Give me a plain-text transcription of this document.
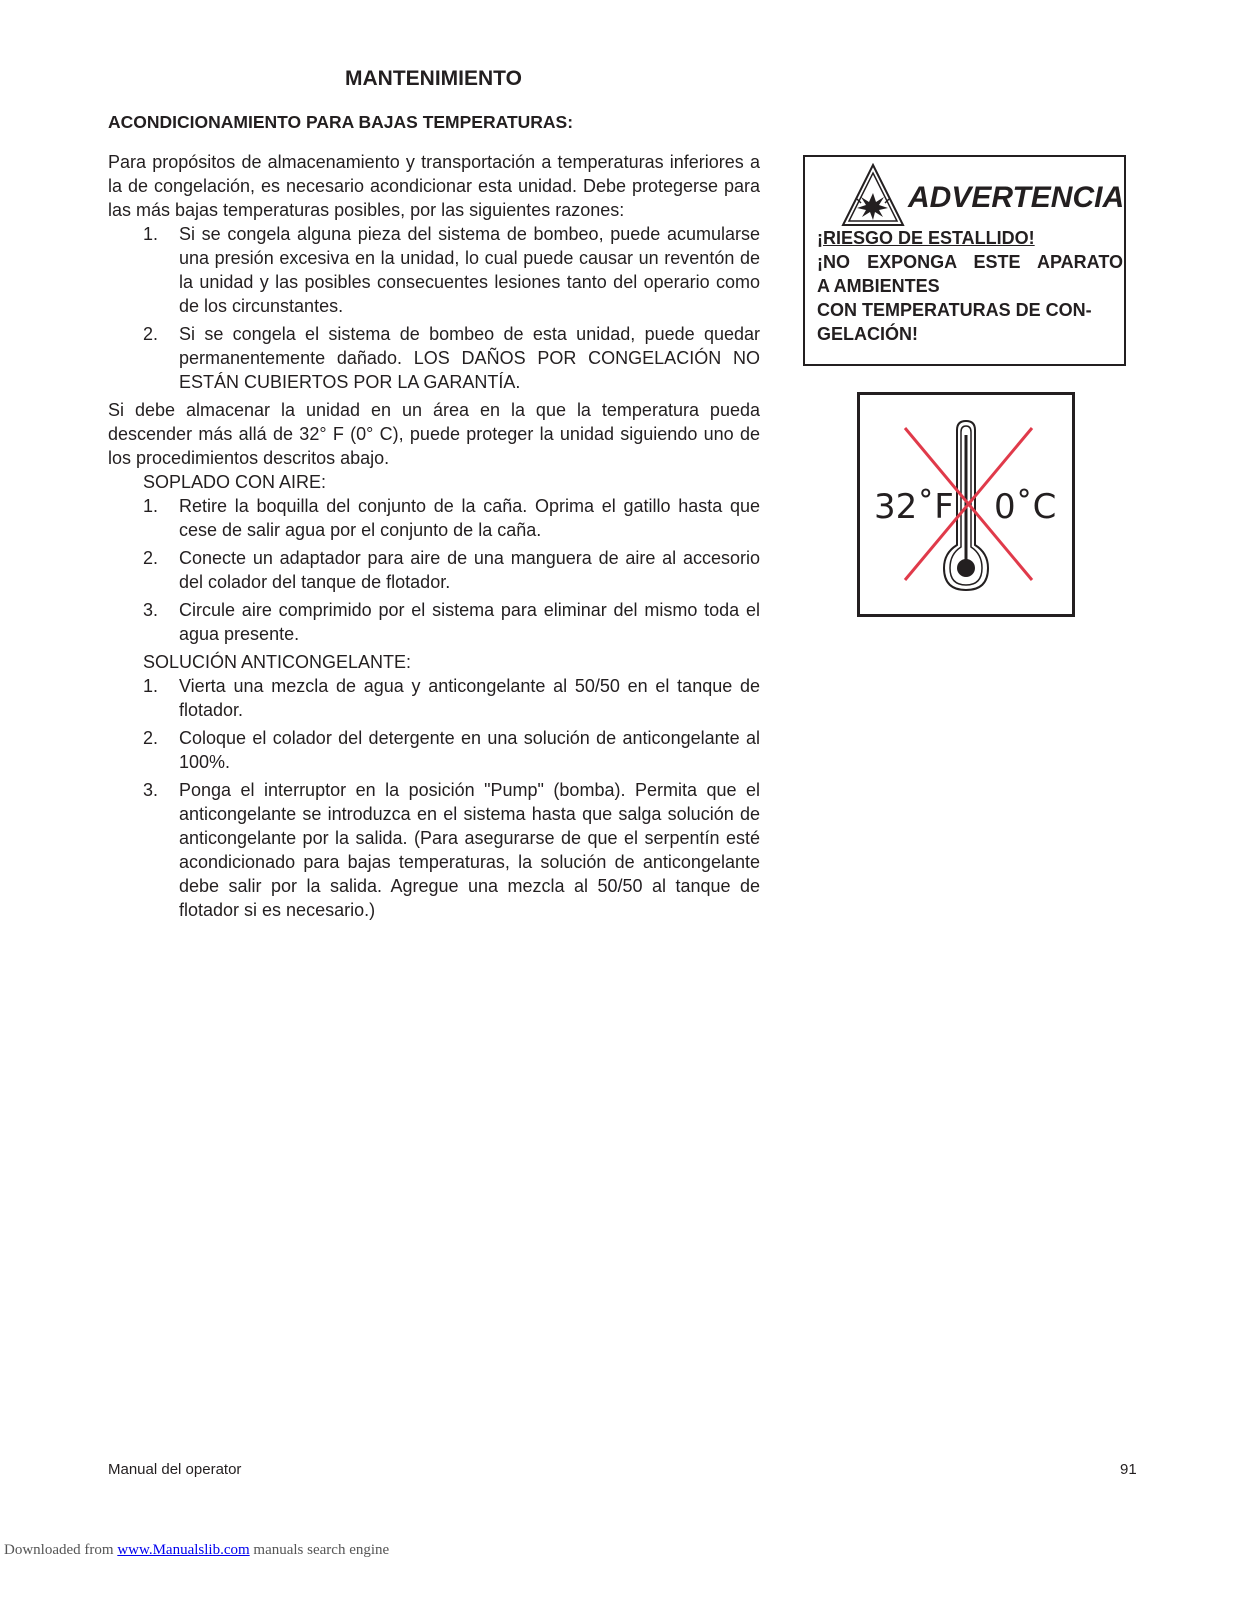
MANTENIMIENTO
ACONDICIONAMIENTO PARA BAJAS TEMPERATURAS:

Para propósitos de almacenamiento y transportación a temperaturas inferiores a la de congelación, es necesario acondicionar esta unidad. Debe protegerse para las más bajas temperaturas posibles, por las siguientes razones:

1. Si se congela alguna pieza del sistema de bombeo, puede acumularse una presión excesiva en la unidad, lo cual puede causar un reventón de la unidad y las posibles consecuentes lesiones tanto del operario como de los circunstantes.
2. Si se congela el sistema de bombeo de esta unidad, puede quedar permanentemente dañado. LOS DAÑOS POR CONGELACIÓN NO ESTÁN CUBIERTOS POR LA GARANTÍA.

Si debe almacenar la unidad en un área en la que la temperatura pueda descender más allá de 32° F (0° C), puede proteger la unidad siguiendo uno de los procedimientos descritos abajo.

SOPLADO CON AIRE:

1. Retire la boquilla del conjunto de la caña. Oprima el gatillo hasta que cese de salir agua por el conjunto de la caña.
2. Conecte un adaptador para aire de una manguera de aire al accesorio del colador del tanque de flotador.
3. Circule aire comprimido por el sistema para eliminar del mismo toda el agua presente.

SOLUCIÓN ANTICONGELANTE:

1. Vierta una mezcla de agua y anticongelante al 50/50 en el tanque de flotador.
2. Coloque el colador del detergente en una solución de anticongelante al 100%.
3. Ponga el interruptor en la posición "Pump" (bomba). Permita que el anticongelante se introduzca en el sistema hasta que salga solución de anticongelante por la salida. (Para asegurarse de que el serpentín esté acondicionado para bajas temperaturas, la solución de anticongelante debe salir por la salida. Agregue una mezcla al 50/50 al tanque de flotador si es necesario.)
ADVERTENCIA
¡RIESGO DE ESTALLIDO!
¡NO EXPONGA ESTE APARATO
A AMBIENTES
CON TEMPERATURAS DE CON-
GELACIÓN!
32˚F 0˚C
Manual del operator	91
Downloaded from www.Manualslib.com manuals search engine
